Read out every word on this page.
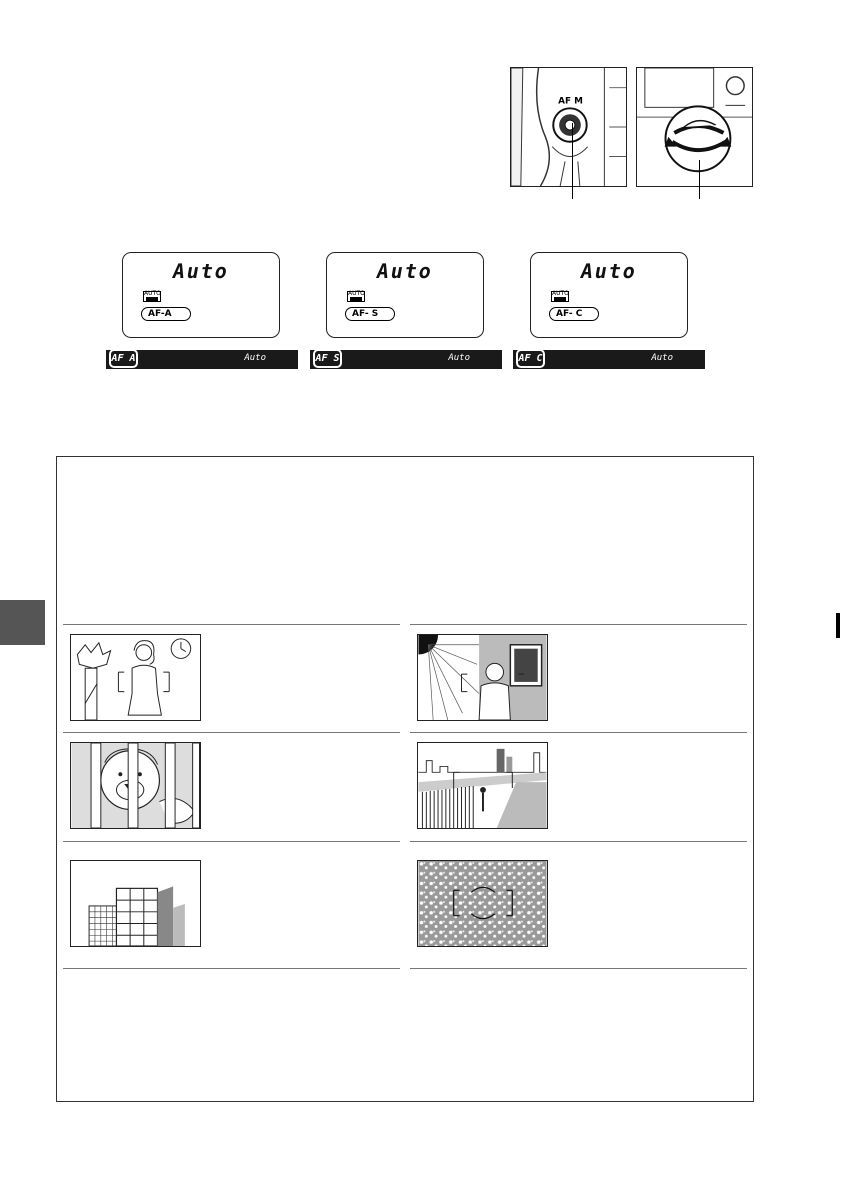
AF M
Auto
AUTO
AF-A
Auto
AUTO
AF- S
Auto
AUTO
AF- C
AF A	Auto	AF S	Auto	AF C	Auto
